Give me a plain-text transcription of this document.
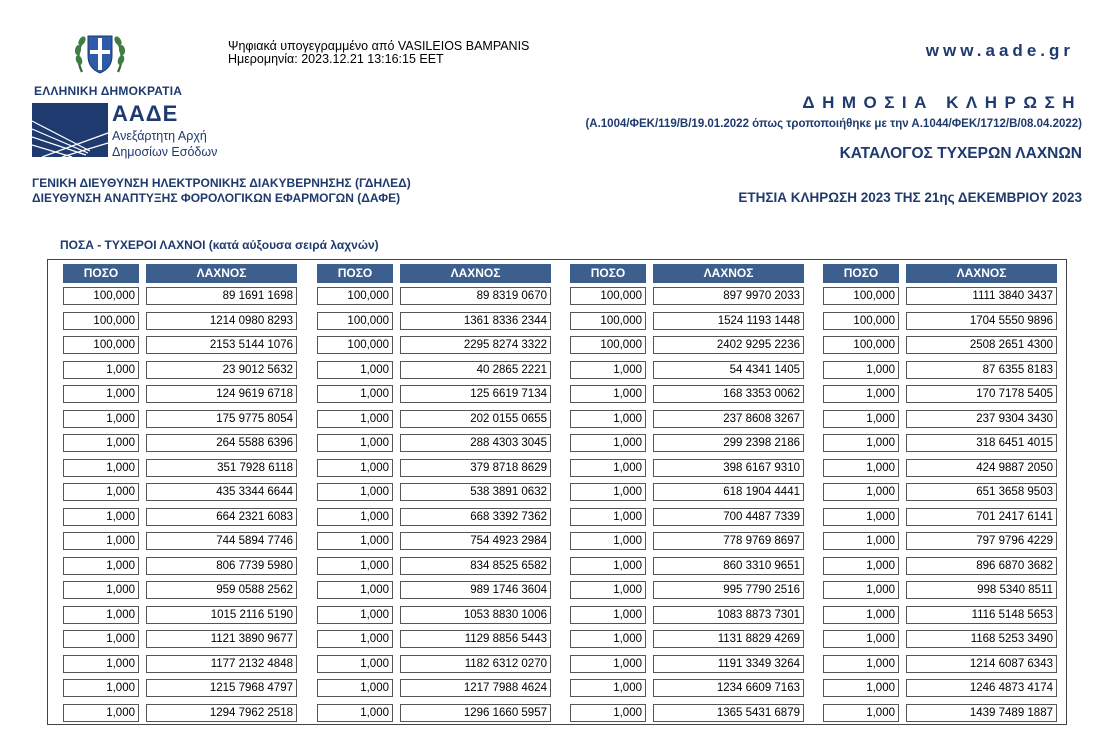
ΕΛΛΗΝΙΚΗ ΔΗΜΟΚΡΑΤΙΑ
ΑΑΔΕ
Ανεξάρτητη Αρχή
Δημοσίων Εσόδων
Ψηφιακά υπογεγραμμένο από VASILEIOS BAMPANIS
Ημερομηνία: 2023.12.21 13:16:15 EET	www.aade.gr
ΔΗΜΟΣΙΑ ΚΛΗΡΩΣΗ
(Α.1004/ΦΕΚ/119/Β/19.01.2022 όπως τροποποιήθηκε με την Α.1044/ΦΕΚ/1712/Β/08.04.2022)
ΚΑΤΑΛΟΓΟΣ ΤΥΧΕΡΩΝ ΛΑΧΝΩΝ
ΓΕΝΙΚΗ ΔΙΕΥΘΥΝΣΗ ΗΛΕΚΤΡΟΝΙΚΗΣ ΔΙΑΚΥΒΕΡΝΗΣΗΣ (ΓΔΗΛΕΔ)
ΔΙΕΥΘΥΝΣΗ ΑΝΑΠΤΥΞΗΣ ΦΟΡΟΛΟΓΙΚΩΝ ΕΦΑΡΜΟΓΩΝ (ΔΑΦΕ)	ΕΤΗΣΙΑ ΚΛΗΡΩΣΗ 2023 ΤΗΣ 21ης ΔΕΚΕΜΒΡΙΟΥ 2023
ΠΟΣΑ - ΤΥΧΕΡΟΙ ΛΑΧΝΟΙ (κατά αύξουσα σειρά λαχνών)
ΠΟΣΟ	ΛΑΧΝΟΣ
100,000	89 1691 1698
100,000	1214 0980 8293
100,000	2153 5144 1076
1,000	23 9012 5632
1,000	124 9619 6718
1,000	175 9775 8054
1,000	264 5588 6396
1,000	351 7928 6118
1,000	435 3344 6644
1,000	664 2321 6083
1,000	744 5894 7746
1,000	806 7739 5980
1,000	959 0588 2562
1,000	1015 2116 5190
1,000	1121 3890 9677
1,000	1177 2132 4848
1,000	1215 7968 4797
1,000	1294 7962 2518
ΠΟΣΟ	ΛΑΧΝΟΣ
100,000	89 8319 0670
100,000	1361 8336 2344
100,000	2295 8274 3322
1,000	40 2865 2221
1,000	125 6619 7134
1,000	202 0155 0655
1,000	288 4303 3045
1,000	379 8718 8629
1,000	538 3891 0632
1,000	668 3392 7362
1,000	754 4923 2984
1,000	834 8525 6582
1,000	989 1746 3604
1,000	1053 8830 1006
1,000	1129 8856 5443
1,000	1182 6312 0270
1,000	1217 7988 4624
1,000	1296 1660 5957
ΠΟΣΟ	ΛΑΧΝΟΣ
100,000	897 9970 2033
100,000	1524 1193 1448
100,000	2402 9295 2236
1,000	54 4341 1405
1,000	168 3353 0062
1,000	237 8608 3267
1,000	299 2398 2186
1,000	398 6167 9310
1,000	618 1904 4441
1,000	700 4487 7339
1,000	778 9769 8697
1,000	860 3310 9651
1,000	995 7790 2516
1,000	1083 8873 7301
1,000	1131 8829 4269
1,000	1191 3349 3264
1,000	1234 6609 7163
1,000	1365 5431 6879
ΠΟΣΟ	ΛΑΧΝΟΣ
100,000	1111 3840 3437
100,000	1704 5550 9896
100,000	2508 2651 4300
1,000	87 6355 8183
1,000	170 7178 5405
1,000	237 9304 3430
1,000	318 6451 4015
1,000	424 9887 2050
1,000	651 3658 9503
1,000	701 2417 6141
1,000	797 9796 4229
1,000	896 6870 3682
1,000	998 5340 8511
1,000	1116 5148 5653
1,000	1168 5253 3490
1,000	1214 6087 6343
1,000	1246 4873 4174
1,000	1439 7489 1887
